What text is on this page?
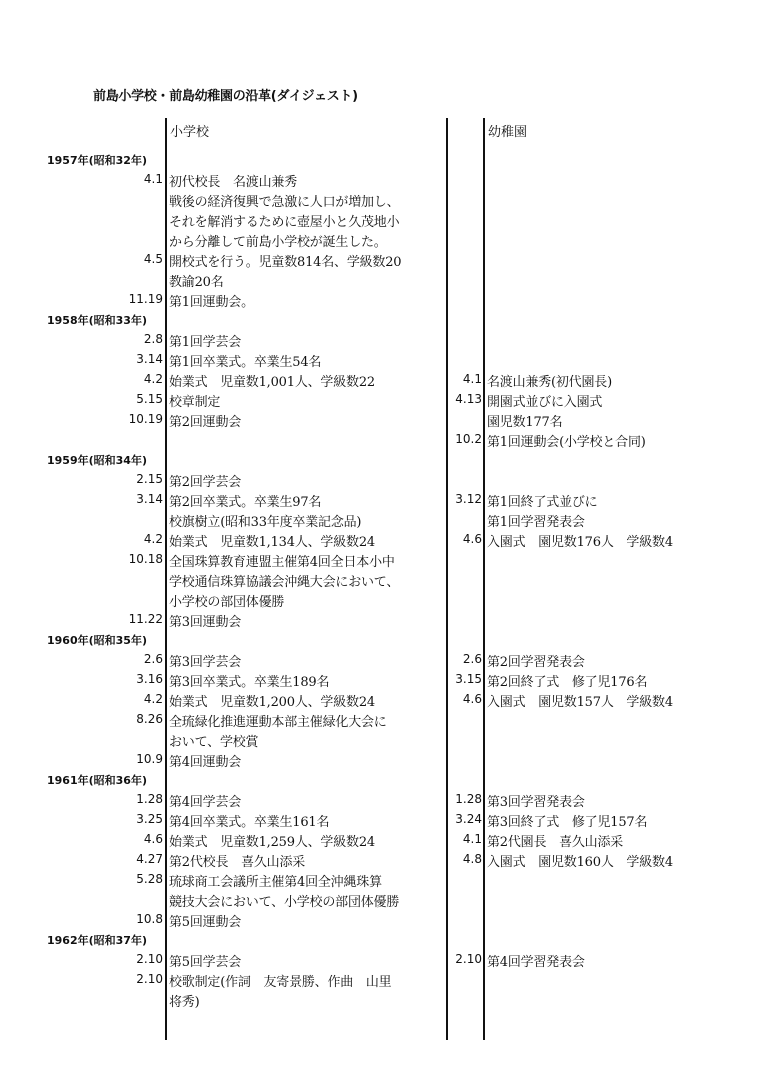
前島小学校・前島幼稚園の沿革(ダイジェスト)
小学校	幼稚園
1957年(昭和32年)
1958年(昭和33年)
1959年(昭和34年)
1960年(昭和35年)
1961年(昭和36年)
1962年(昭和37年)
4.1
4.5
11.19
2.8
3.14
4.2
5.15
10.19
2.15
3.14
4.2
10.18
11.22
2.6
3.16
4.2
8.26
10.9
1.28
3.25
4.6
4.27
5.28
10.8
2.10
2.10
初代校長　名渡山兼秀
戦後の経済復興で急激に人口が増加し、
それを解消するために壺屋小と久茂地小
から分離して前島小学校が誕生した。
開校式を行う。児童数814名、学級数20
教諭20名
第1回運動会。
第1回学芸会
第1回卒業式。卒業生54名
始業式　児童数1,001人、学級数22
校章制定
第2回運動会
第2回学芸会
第2回卒業式。卒業生97名
校旗樹立(昭和33年度卒業記念品)
始業式　児童数1,134人、学級数24
全国珠算教育連盟主催第4回全日本小中
学校通信珠算協議会沖縄大会において、
小学校の部団体優勝
第3回運動会
第3回学芸会
第3回卒業式。卒業生189名
始業式　児童数1,200人、学級数24
全琉緑化推進運動本部主催緑化大会に
おいて、学校賞
第4回運動会
第4回学芸会
第4回卒業式。卒業生161名
始業式　児童数1,259人、学級数24
第2代校長　喜久山添采
琉球商工会議所主催第4回全沖縄珠算
競技大会において、小学校の部団体優勝
第5回運動会
第5回学芸会
校歌制定(作詞　友寄景勝、作曲　山里
将秀)
4.1
4.13
10.2
3.12
4.6
2.6
3.15
4.6
1.28
3.24
4.1
4.8
2.10
名渡山兼秀(初代園長)
開園式並びに入園式
園児数177名
第1回運動会(小学校と合同)
第1回終了式並びに
第1回学習発表会
入園式　園児数176人　学級数4
第2回学習発表会
第2回終了式　修了児176名
入園式　園児数157人　学級数4
第3回学習発表会
第3回終了式　修了児157名
第2代園長　喜久山添采
入園式　園児数160人　学級数4
第4回学習発表会
